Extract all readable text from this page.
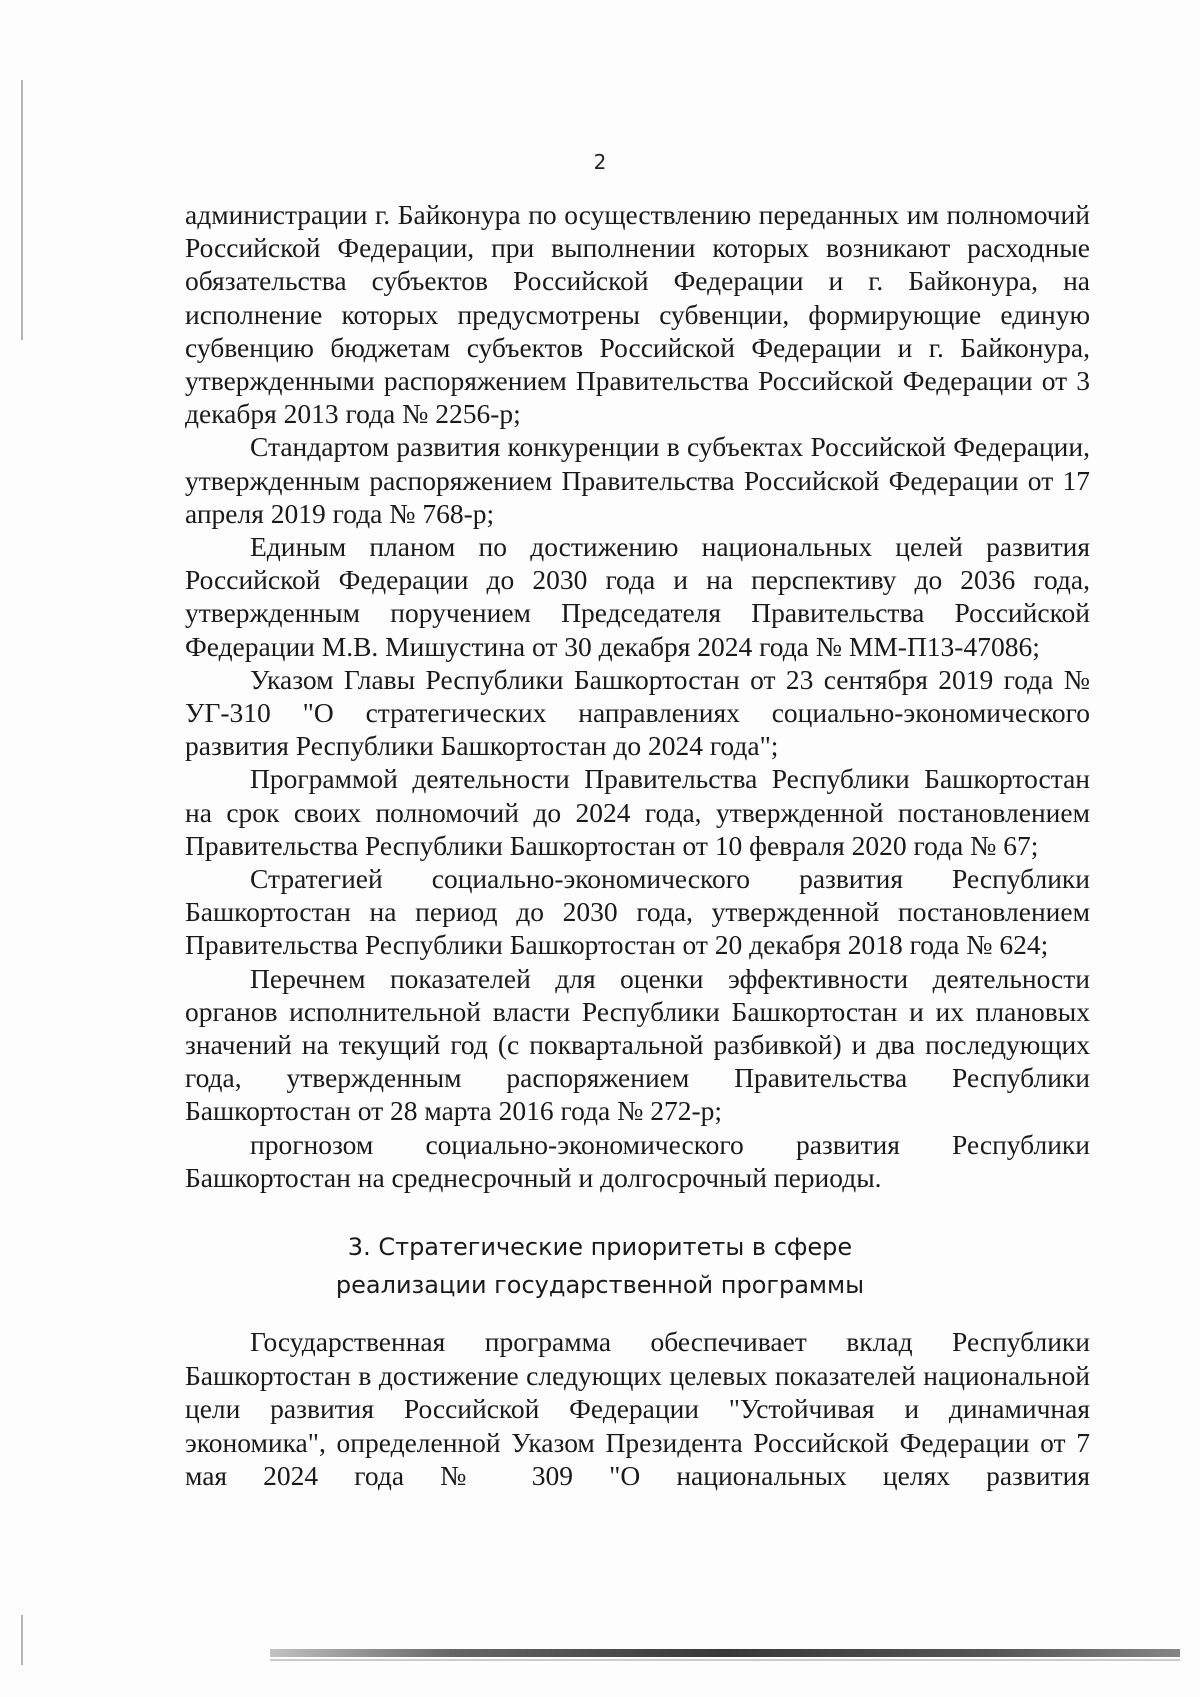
2

администрации г. Байконура по осуществлению переданных им полномочий Российской Федерации, при выполнении которых возникают расходные обязательства субъектов Российской Федерации и г. Байконура, на исполнение которых предусмотрены субвенции, формирующие единую субвенцию бюджетам субъектов Российской Федерации и г. Байконура, утвержденными распоряжением Правительства Российской Федерации от 3 декабря 2013 года № 2256-р;

Стандартом развития конкуренции в субъектах Российской Федерации, утвержденным распоряжением Правительства Российской Федерации от 17 апреля 2019 года № 768-р;

Единым планом по достижению национальных целей развития Российской Федерации до 2030 года и на перспективу до 2036 года, утвержденным поручением Председателя Правительства Российской Федерации М.В. Мишустина от 30 декабря 2024 года № ММ-П13-47086;

Указом Главы Республики Башкортостан от 23 сентября 2019 года № УГ-310 "О стратегических направлениях социально-экономического развития Республики Башкортостан до 2024 года";

Программой деятельности Правительства Республики Башкортостан на срок своих полномочий до 2024 года, утвержденной постановлением Правительства Республики Башкортостан от 10 февраля 2020 года № 67;

Стратегией социально-экономического развития Республики Башкортостан на период до 2030 года, утвержденной постановлением Правительства Республики Башкортостан от 20 декабря 2018 года № 624;

Перечнем показателей для оценки эффективности деятельности органов исполнительной власти Республики Башкортостан и их плановых значений на текущий год (с поквартальной разбивкой) и два последующих года, утвержденным распоряжением Правительства Республики Башкортостан от 28 марта 2016 года № 272-р;

прогнозом социально-экономического развития Республики Башкортостан на среднесрочный и долгосрочный периоды.

3. Стратегические приоритеты в сфере
реализации государственной программы

Государственная программа обеспечивает вклад Республики Башкортостан в достижение следующих целевых показателей национальной цели развития Российской Федерации "Устойчивая и динамичная экономика", определенной Указом Президента Российской Федерации от 7 мая 2024 года № 309 "О национальных целях развития
